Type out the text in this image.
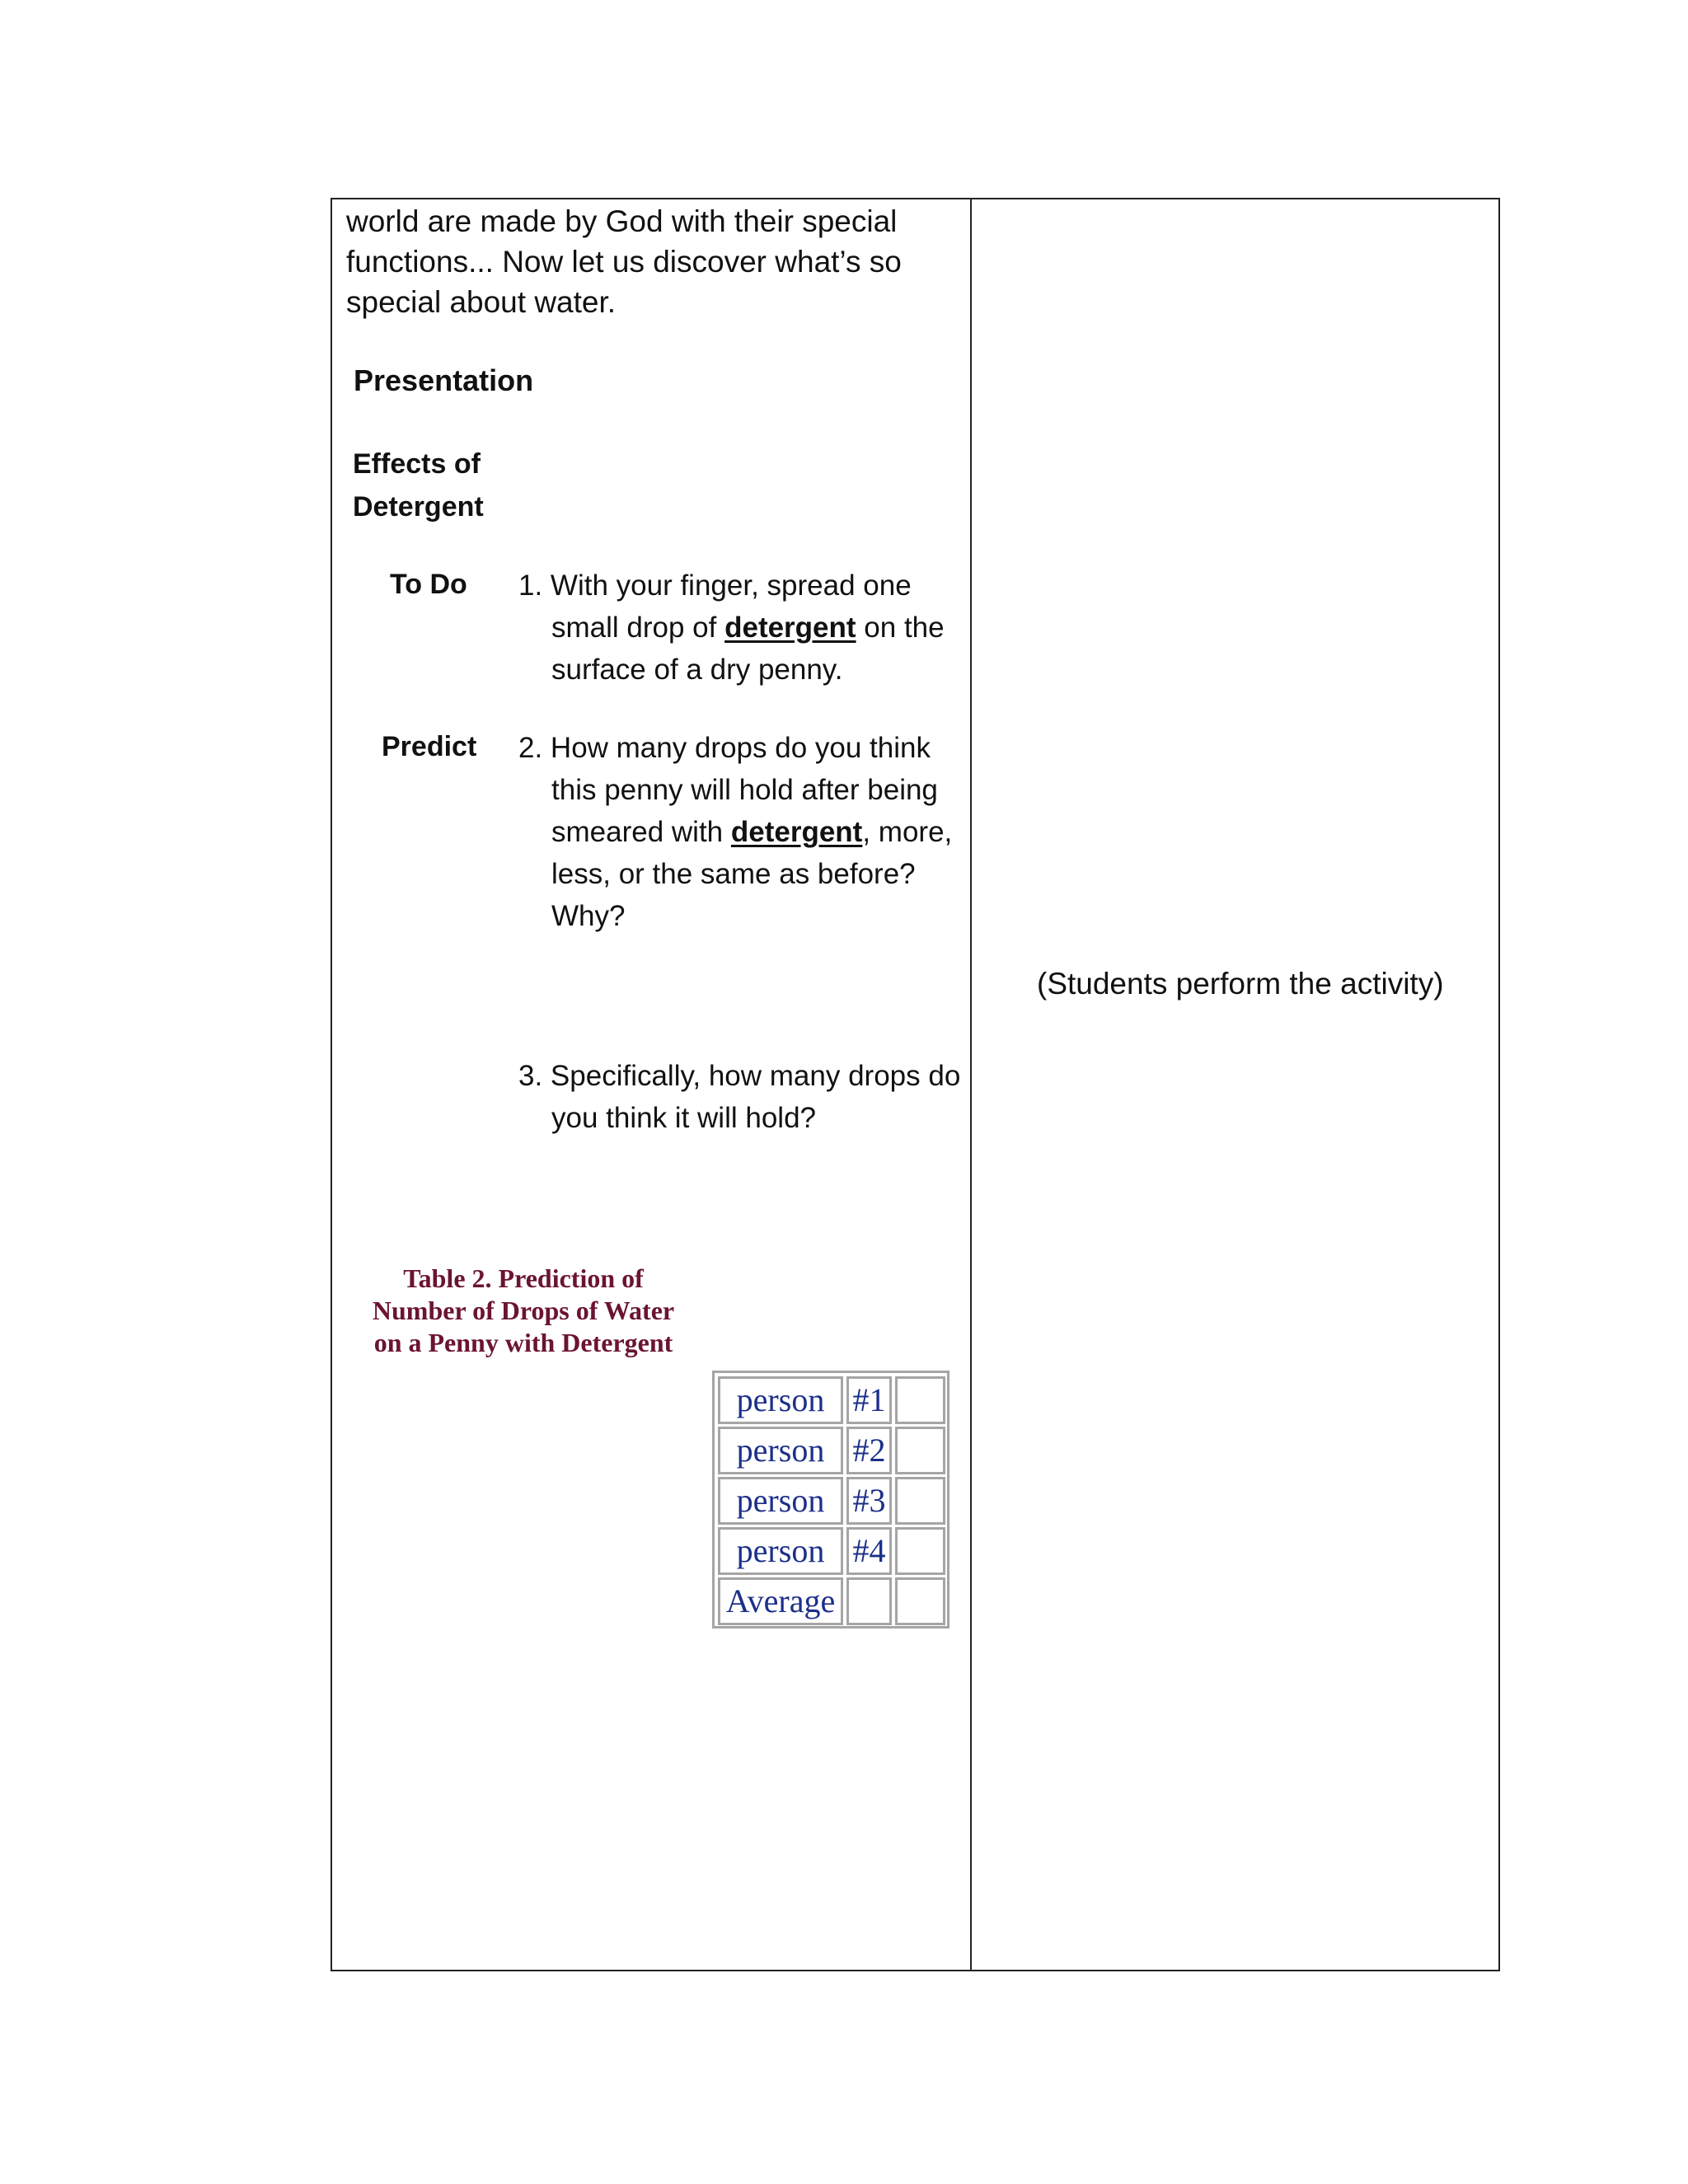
world are made by God with their special
functions... Now let us discover what’s so
special about water.
Presentation
Effects of
Detergent
To Do
Predict
1. With your finger, spread one
small drop of detergent on the
surface of a dry penny.
2. How many drops do you think
this penny will hold after being
smeared with detergent, more,
less, or the same as before?
Why?
3. Specifically, how many drops do
you think it will hold?
Table 2. Prediction of
Number of Drops of Water
on a Penny with Detergent
person #1
person #2
person #3
person #4
Average
(Students perform the activity)
